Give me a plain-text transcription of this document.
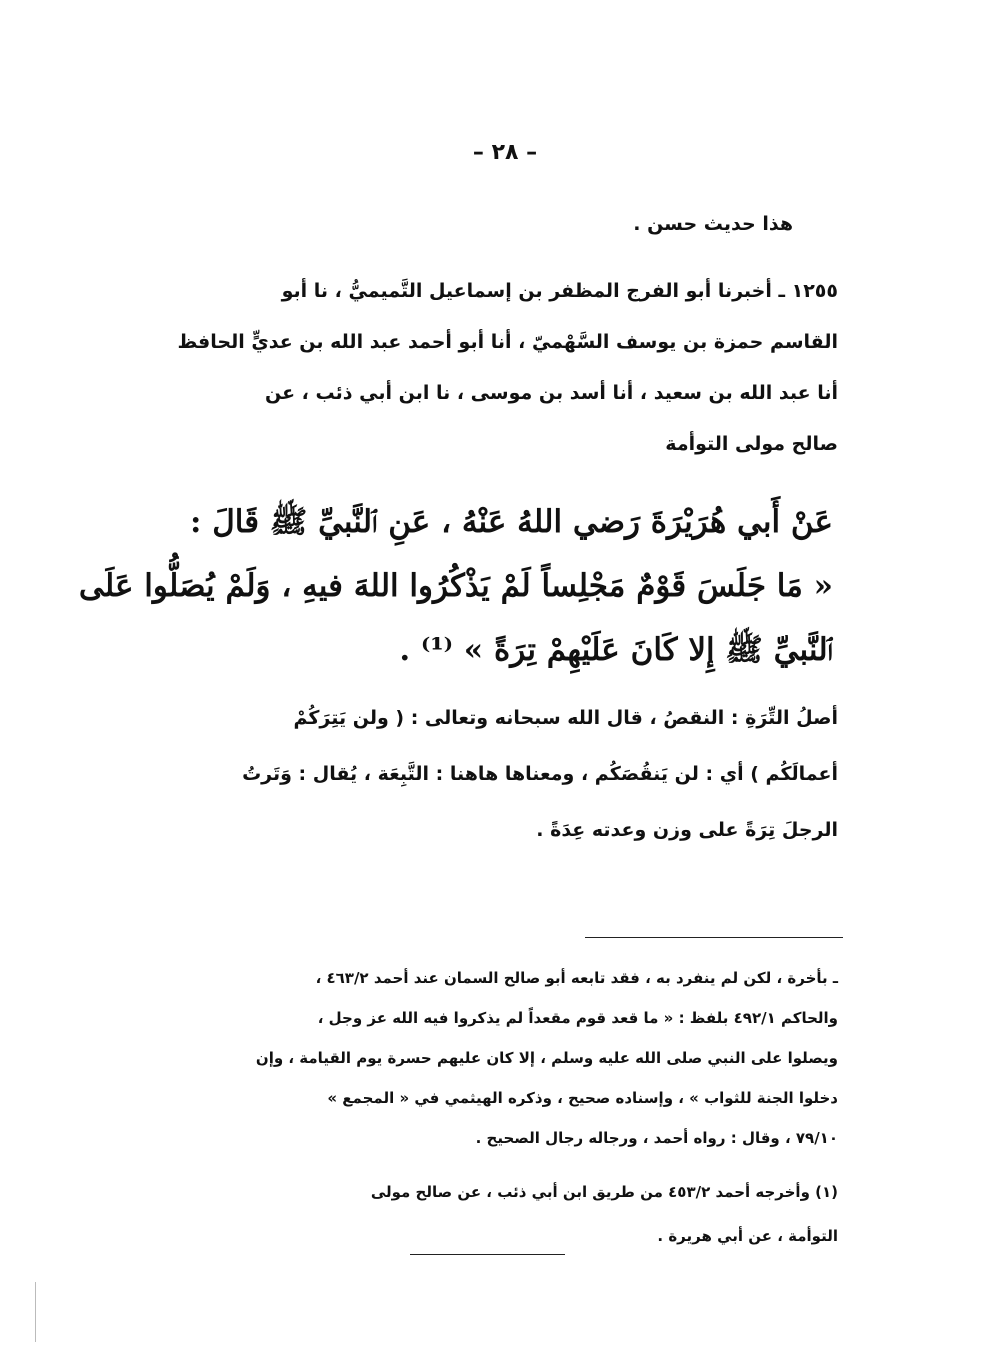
– ٢٨ –
هذا حديث حسن .
١٢٥٥ ـ أخبرنا أبو الفرج المظفر بن إسماعيل التَّميميُّ ، نا أبو
القاسم حمزة بن يوسف السَّهْميّ ، أنا أبو أحمد عبد الله بن عديٍّ الحافظ
أنا عبد الله بن سعيد ، أنا أسد بن موسى ، نا ابن أبي ذئب ، عن
صالح مولى التوأمة
عَنْ أَبي هُرَيْرَةَ رَضي اللهُ عَنْهُ ، عَنِ ٱلنَّبيِّ ﷺ قَالَ :
« مَا جَلَسَ قَوْمٌ مَجْلِساً لَمْ يَذْكُرُوا اللهَ فيهِ ، وَلَمْ يُصَلُّوا عَلَى
ٱلنَّبيِّ ﷺ إِلا كَانَ عَلَيْهِمْ تِرَةً » ⁽¹⁾ .
أصلُ التِّرَةِ : النقصُ ، قال الله سبحانه وتعالى : ( ولن يَتِرَكُمْ
أعمالَكُم ) أي : لن يَنقُصَكُم ، ومعناها هاهنا : التَّبِعَة ، يُقال : وَتَرتُ
الرجلَ تِرَةً على وزن وعدته عِدَةً .
ـ بأخرة ، لكن لم ينفرد به ، فقد تابعه أبو صالح السمان عند أحمد ٤٦٣/٢ ،
والحاكم ٤٩٢/١ بلفظ : « ما قعد قوم مقعداً لم يذكروا فيه الله عز وجل ،
ويصلوا على النبي صلى الله عليه وسلم ، إلا كان عليهم حسرة يوم القيامة ، وإن
دخلوا الجنة للثواب » ، وإسناده صحيح ، وذكره الهيثمي في « المجمع »
٧٩/١٠ ، وقال : رواه أحمد ، ورجاله رجال الصحيح .
(١) وأخرجه أحمد ٤٥٣/٢ من طريق ابن أبي ذئب ، عن صالح مولى
التوأمة ، عن أبي هريرة .
